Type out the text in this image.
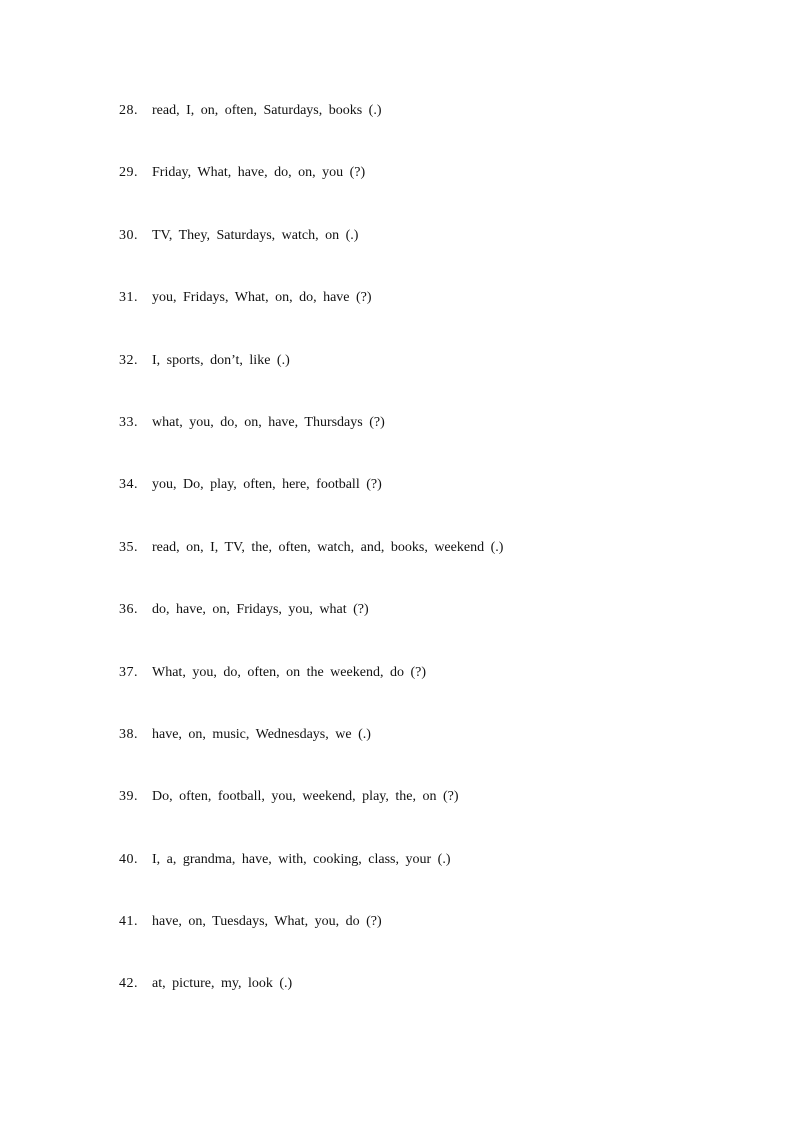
28. read, I, on, often, Saturdays, books (.)
29. Friday, What, have, do, on, you (?)
30. TV, They, Saturdays, watch, on (.)
31. you, Fridays, What, on, do, have (?)
32. I, sports, don’t, like (.)
33. what, you, do, on, have, Thursdays (?)
34. you, Do, play, often, here, football (?)
35. read, on, I, TV, the, often, watch, and, books, weekend (.)
36. do, have, on, Fridays, you, what (?)
37. What, you, do, often, on the weekend, do (?)
38. have, on, music, Wednesdays, we (.)
39. Do, often, football, you, weekend, play, the, on (?)
40. I, a, grandma, have, with, cooking, class, your (.)
41. have, on, Tuesdays, What, you, do (?)
42. at, picture, my, look (.)
